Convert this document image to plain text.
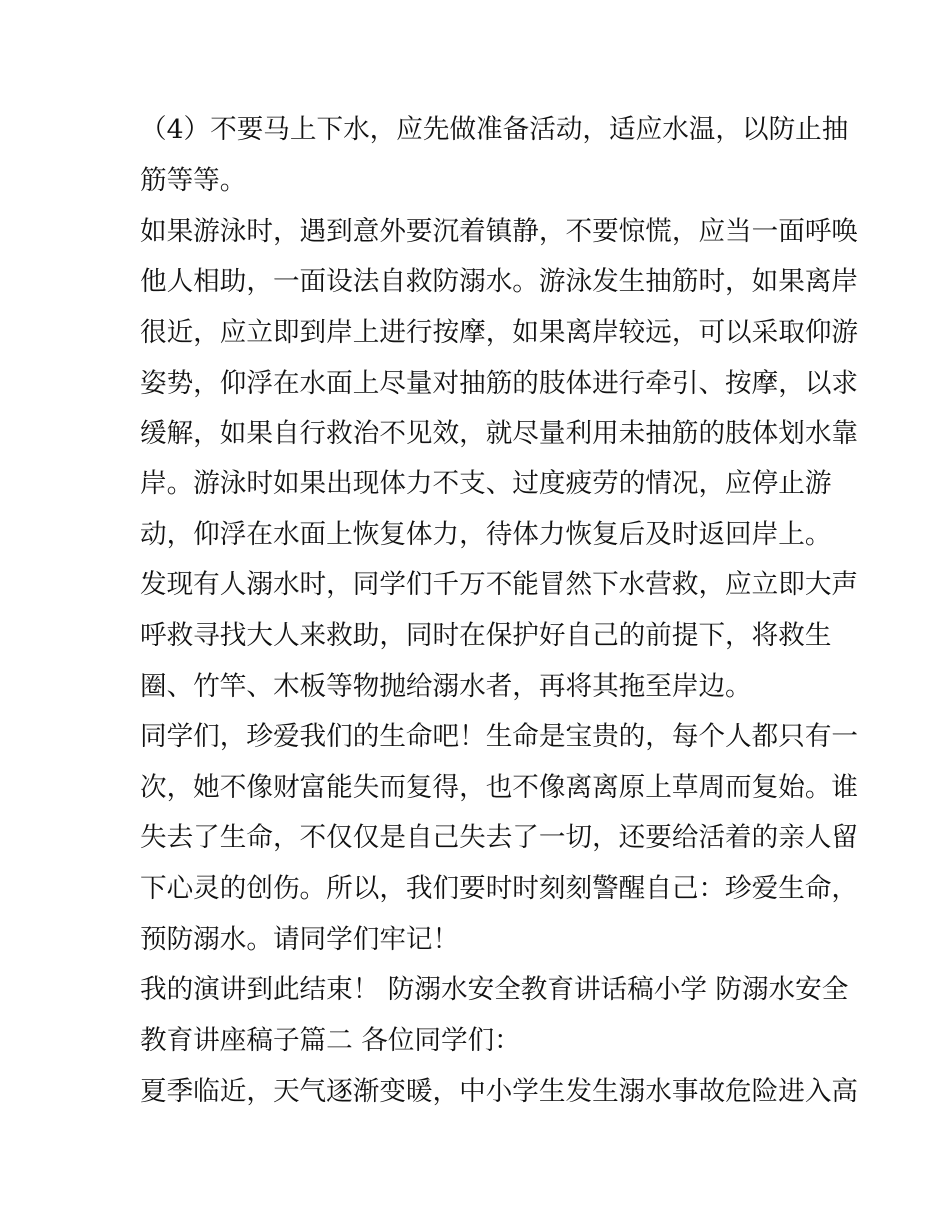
（4）不要马上下水，应先做准备活动，适应水温，以防止抽
筋等等。
如果游泳时，遇到意外要沉着镇静，不要惊慌，应当一面呼唤
他人相助，一面设法自救防溺水。游泳发生抽筋时，如果离岸
很近，应立即到岸上进行按摩，如果离岸较远，可以采取仰游
姿势，仰浮在水面上尽量对抽筋的肢体进行牵引、按摩，以求
缓解，如果自行救治不见效，就尽量利用未抽筋的肢体划水靠
岸。游泳时如果出现体力不支、过度疲劳的情况，应停止游
动，仰浮在水面上恢复体力，待体力恢复后及时返回岸上。
发现有人溺水时，同学们千万不能冒然下水营救，应立即大声
呼救寻找大人来救助，同时在保护好自己的前提下，将救生
圈、竹竿、木板等物抛给溺水者，再将其拖至岸边。
同学们，珍爱我们的生命吧！生命是宝贵的，每个人都只有一
次，她不像财富能失而复得，也不像离离原上草周而复始。谁
失去了生命，不仅仅是自己失去了一切，还要给活着的亲人留
下心灵的创伤。所以，我们要时时刻刻警醒自己：珍爱生命，
预防溺水。请同学们牢记！
我的演讲到此结束！ 防溺水安全教育讲话稿小学 防溺水安全
教育讲座稿子篇二 各位同学们：
夏季临近，天气逐渐变暖，中小学生发生溺水事故危险进入高
